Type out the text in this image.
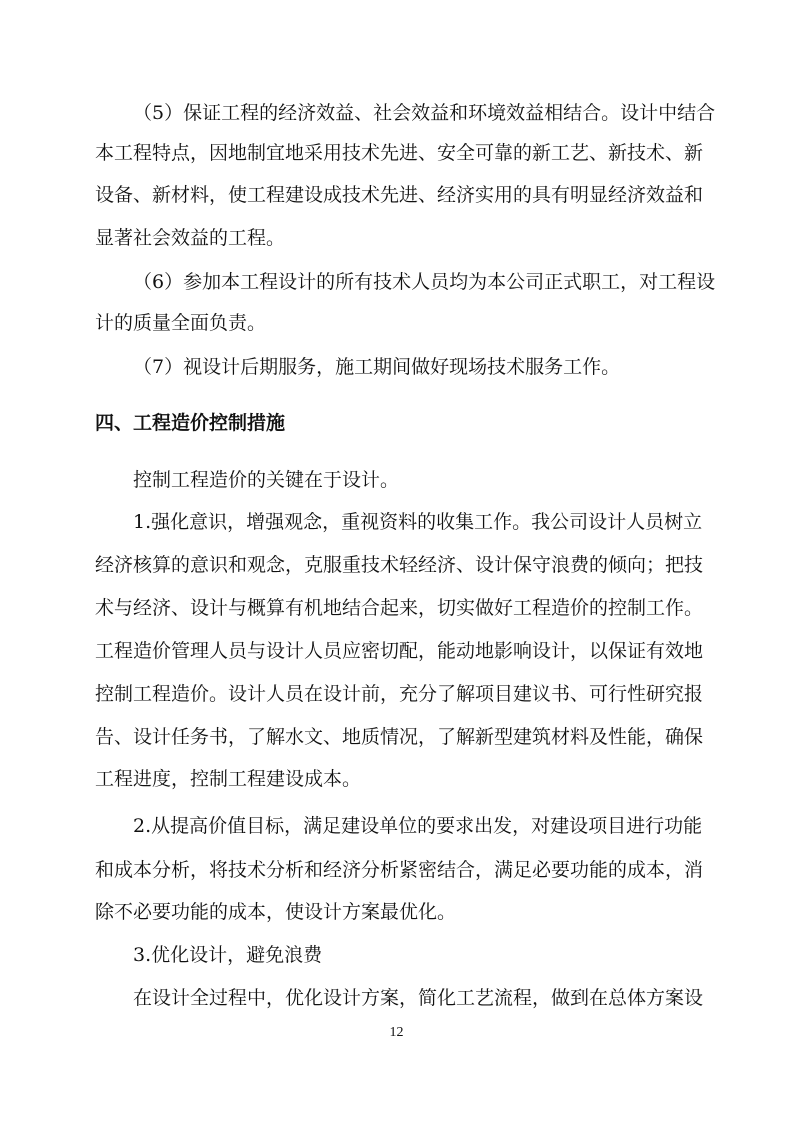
（5）保证工程的经济效益、社会效益和环境效益相结合。设计中结合
本工程特点，因地制宜地采用技术先进、安全可靠的新工艺、新技术、新
设备、新材料，使工程建设成技术先进、经济实用的具有明显经济效益和
显著社会效益的工程。
（6）参加本工程设计的所有技术人员均为本公司正式职工，对工程设
计的质量全面负责。
（7）视设计后期服务，施工期间做好现场技术服务工作。
四、工程造价控制措施
控制工程造价的关键在于设计。
1.强化意识，增强观念，重视资料的收集工作。我公司设计人员树立
经济核算的意识和观念，克服重技术轻经济、设计保守浪费的倾向；把技
术与经济、设计与概算有机地结合起来，切实做好工程造价的控制工作。
工程造价管理人员与设计人员应密切配，能动地影响设计，以保证有效地
控制工程造价。设计人员在设计前，充分了解项目建议书、可行性研究报
告、设计任务书，了解水文、地质情况，了解新型建筑材料及性能，确保
工程进度，控制工程建设成本。
2.从提高价值目标，满足建设单位的要求出发，对建设项目进行功能
和成本分析，将技术分析和经济分析紧密结合，满足必要功能的成本，消
除不必要功能的成本，使设计方案最优化。
3.优化设计，避免浪费
在设计全过程中，优化设计方案，简化工艺流程，做到在总体方案设
12
